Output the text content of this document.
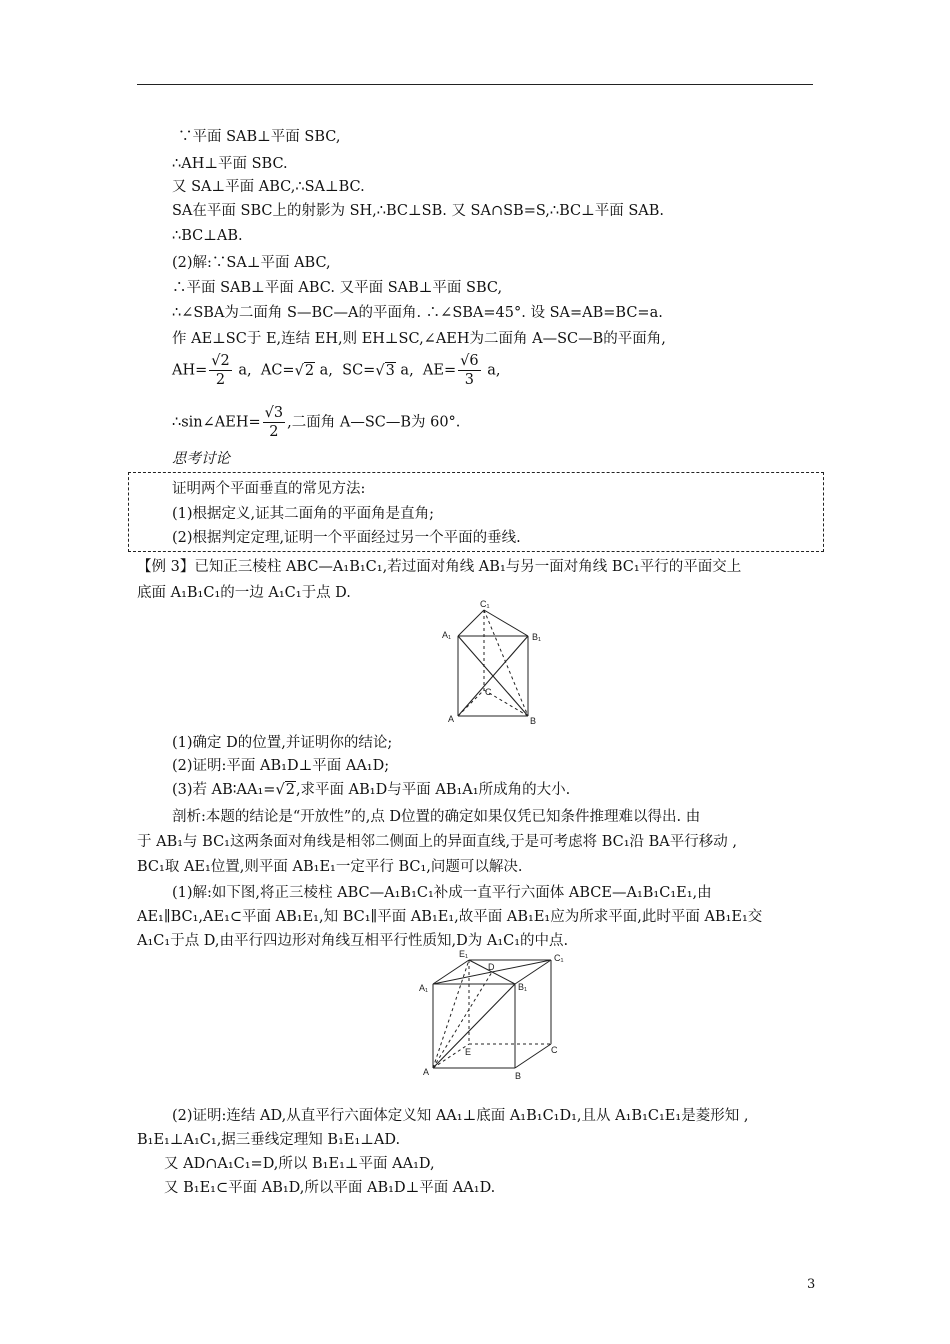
∵平面 SAB⊥平面 SBC,
∴AH⊥平面 SBC.
又 SA⊥平面 ABC,∴SA⊥BC.
SA在平面 SBC上的射影为 SH,∴BC⊥SB. 又 SA∩SB=S,∴BC⊥平面 SAB.
∴BC⊥AB.
(2)解:∵SA⊥平面 ABC,
∴平面 SAB⊥平面 ABC. 又平面 SAB⊥平面 SBC,
∴∠SBA为二面角 S—BC—A的平面角. ∴∠SBA=45°. 设 SA=AB=BC=a.
作 AE⊥SC于 E,连结 EH,则 EH⊥SC,∠AEH为二面角 A—SC—B的平面角,
$AH= \frac{√2}{2} a$, AC=√2 a, SC=√3 a, $AE= \frac{√6}{3} a$,
∴sin∠AEH= $\frac{√3}{2}$ ,二面角 A—SC—B为 60°.
思考讨论
证明两个平面垂直的常见方法:
(1)根据定义,证其二面角的平面角是直角;
(2)根据判定定理,证明一个平面经过另一个平面的垂线.
【例 3】已知正三棱柱 ABC—A₁B₁C₁,若过面对角线 AB₁与另一面对角线 BC₁平行的平面交上
底面 A₁B₁C₁的一边 A₁C₁于点 D.
C₁
A₁	B₁
C
A	B
(1)确定 D的位置,并证明你的结论;
(2)证明:平面 AB₁D⊥平面 AA₁D;
(3)若 AB∶AA₁=√2,求平面 AB₁D与平面 AB₁A₁所成角的大小.
剖析:本题的结论是“开放性”的,点 D位置的确定如果仅凭已知条件推理难以得出. 由
于 AB₁与 BC₁这两条面对角线是相邻二侧面上的异面直线,于是可考虑将 BC₁沿 BA平行移动 ,
BC₁取 AE₁位置,则平面 AB₁E₁一定平行 BC₁,问题可以解决.
(1)解:如下图,将正三棱柱 ABC—A₁B₁C₁补成一直平行六面体 ABCE—A₁B₁C₁E₁,由
AE₁∥BC₁,AE₁⊂平面 AB₁E₁,知 BC₁∥平面 AB₁E₁,故平面 AB₁E₁应为所求平面,此时平面 AB₁E₁交
A₁C₁于点 D,由平行四边形对角线互相平行性质知,D为 A₁C₁的中点.
E₁
D
C₁
A₁	B₁
E	C
A	B
(2)证明:连结 AD,从直平行六面体定义知 AA₁⊥底面 A₁B₁C₁D₁,且从 A₁B₁C₁E₁是菱形知 ,
B₁E₁⊥A₁C₁,据三垂线定理知 B₁E₁⊥AD.
又 AD∩A₁C₁=D,所以 B₁E₁⊥平面 AA₁D,
又 B₁E₁⊂平面 AB₁D,所以平面 AB₁D⊥平面 AA₁D.
3
